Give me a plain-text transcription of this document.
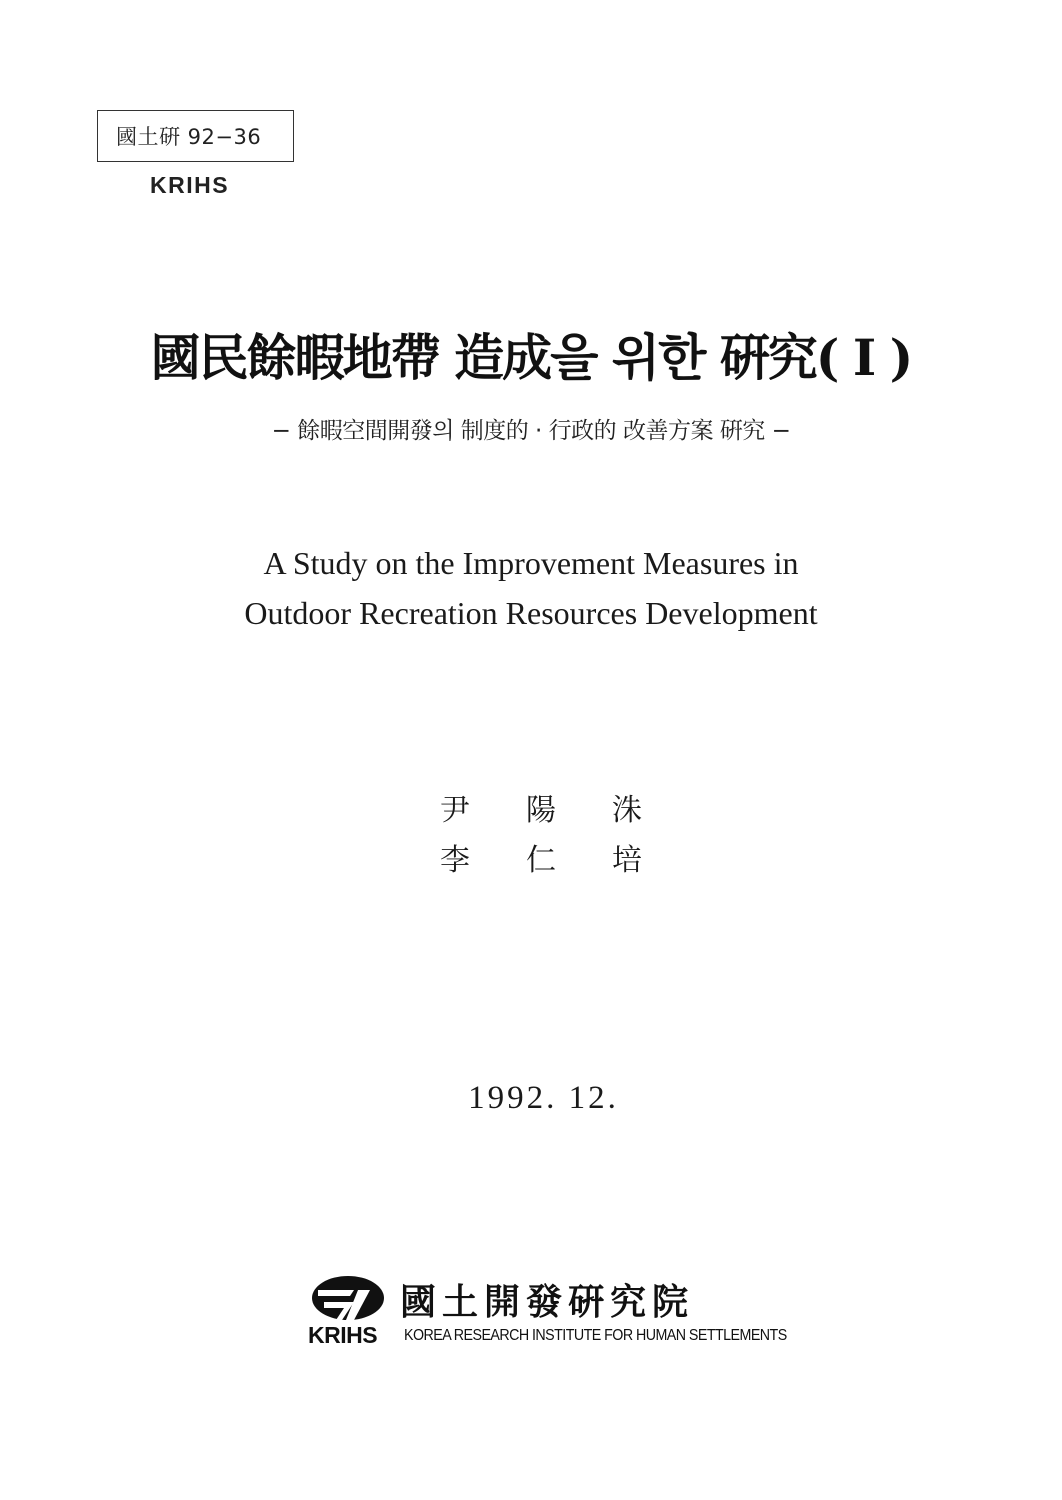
國土硏 92−36
KRIHS
國民餘暇地帶 造成을 위한 硏究( I )
− 餘暇空間開發의 制度的 · 行政的 改善方案 硏究 −
A Study on the Improvement Measures in
Outdoor Recreation Resources Development
尹	陽	洙
李	仁	培
1992. 12.
KRIHS
國土開發硏究院
KOREA RESEARCH INSTITUTE FOR HUMAN SETTLEMENTS
